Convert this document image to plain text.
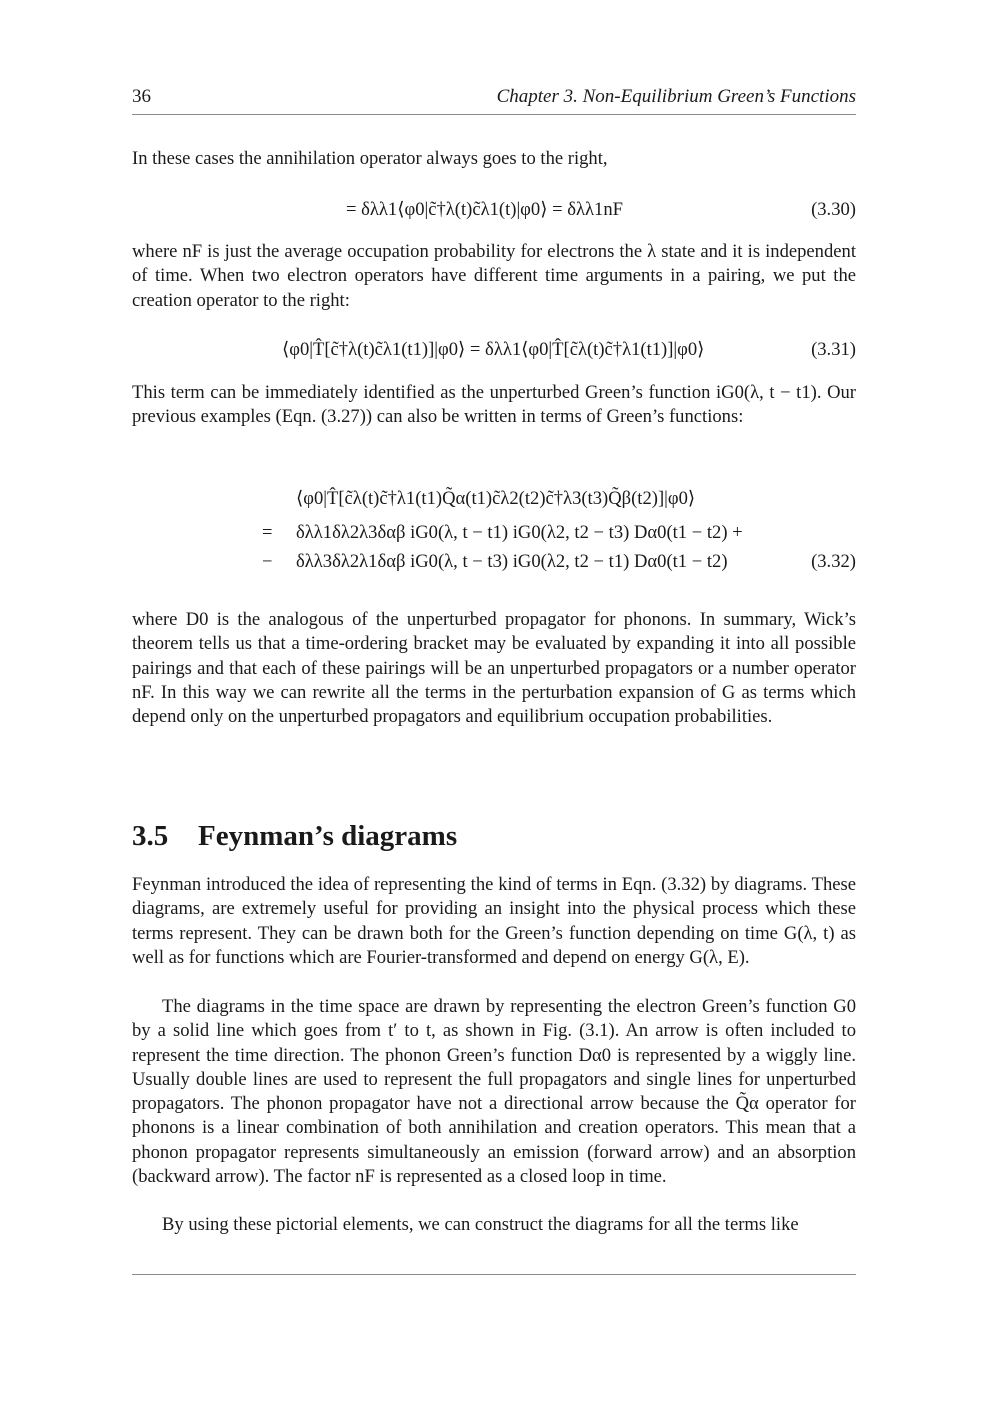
36	Chapter 3. Non-Equilibrium Green’s Functions

In these cases the annihilation operator always goes to the right,

= δλλ1⟨φ0|c̃†λ(t)c̃λ1(t)|φ0⟩ = δλλ1nF	(3.30)

where nF is just the average occupation probability for electrons the λ state and it is independent of time. When two electron operators have different time arguments in a pairing, we put the creation operator to the right:

⟨φ0|T̂[c̃†λ(t)c̃λ1(t1)]|φ0⟩ = δλλ1⟨φ0|T̂[c̃λ(t)c̃†λ1(t1)]|φ0⟩	(3.31)

This term can be immediately identified as the unperturbed Green’s function iG0(λ, t − t1). Our previous examples (Eqn. (3.27)) can also be written in terms of Green’s functions:

⟨φ0|T̂[c̃λ(t)c̃†λ1(t1)Q̃α(t1)c̃λ2(t2)c̃†λ3(t3)Q̃β(t2)]|φ0⟩
= δλλ1δλ2λ3δαβ iG0(λ, t − t1) iG0(λ2, t2 − t3) Dα0(t1 − t2) +
− δλλ3δλ2λ1δαβ iG0(λ, t − t3) iG0(λ2, t2 − t1) Dα0(t1 − t2)	(3.32)

where D0 is the analogous of the unperturbed propagator for phonons. In summary, Wick’s theorem tells us that a time-ordering bracket may be evaluated by expanding it into all possible pairings and that each of these pairings will be an unperturbed propagators or a number operator nF. In this way we can rewrite all the terms in the perturbation expansion of G as terms which depend only on the unperturbed propagators and equilibrium occupation probabilities.

3.5 Feynman’s diagrams

Feynman introduced the idea of representing the kind of terms in Eqn. (3.32) by diagrams. These diagrams, are extremely useful for providing an insight into the physical process which these terms represent. They can be drawn both for the Green’s function depending on time G(λ, t) as well as for functions which are Fourier-transformed and depend on energy G(λ, E).

The diagrams in the time space are drawn by representing the electron Green’s function G0 by a solid line which goes from t′ to t, as shown in Fig. (3.1). An arrow is often included to represent the time direction. The phonon Green’s function Dα0 is represented by a wiggly line. Usually double lines are used to represent the full propagators and single lines for unperturbed propagators. The phonon propagator have not a directional arrow because the Q̃α operator for phonons is a linear combination of both annihilation and creation operators. This mean that a phonon propagator represents simultaneously an emission (forward arrow) and an absorption (backward arrow). The factor nF is represented as a closed loop in time.

By using these pictorial elements, we can construct the diagrams for all the terms like
